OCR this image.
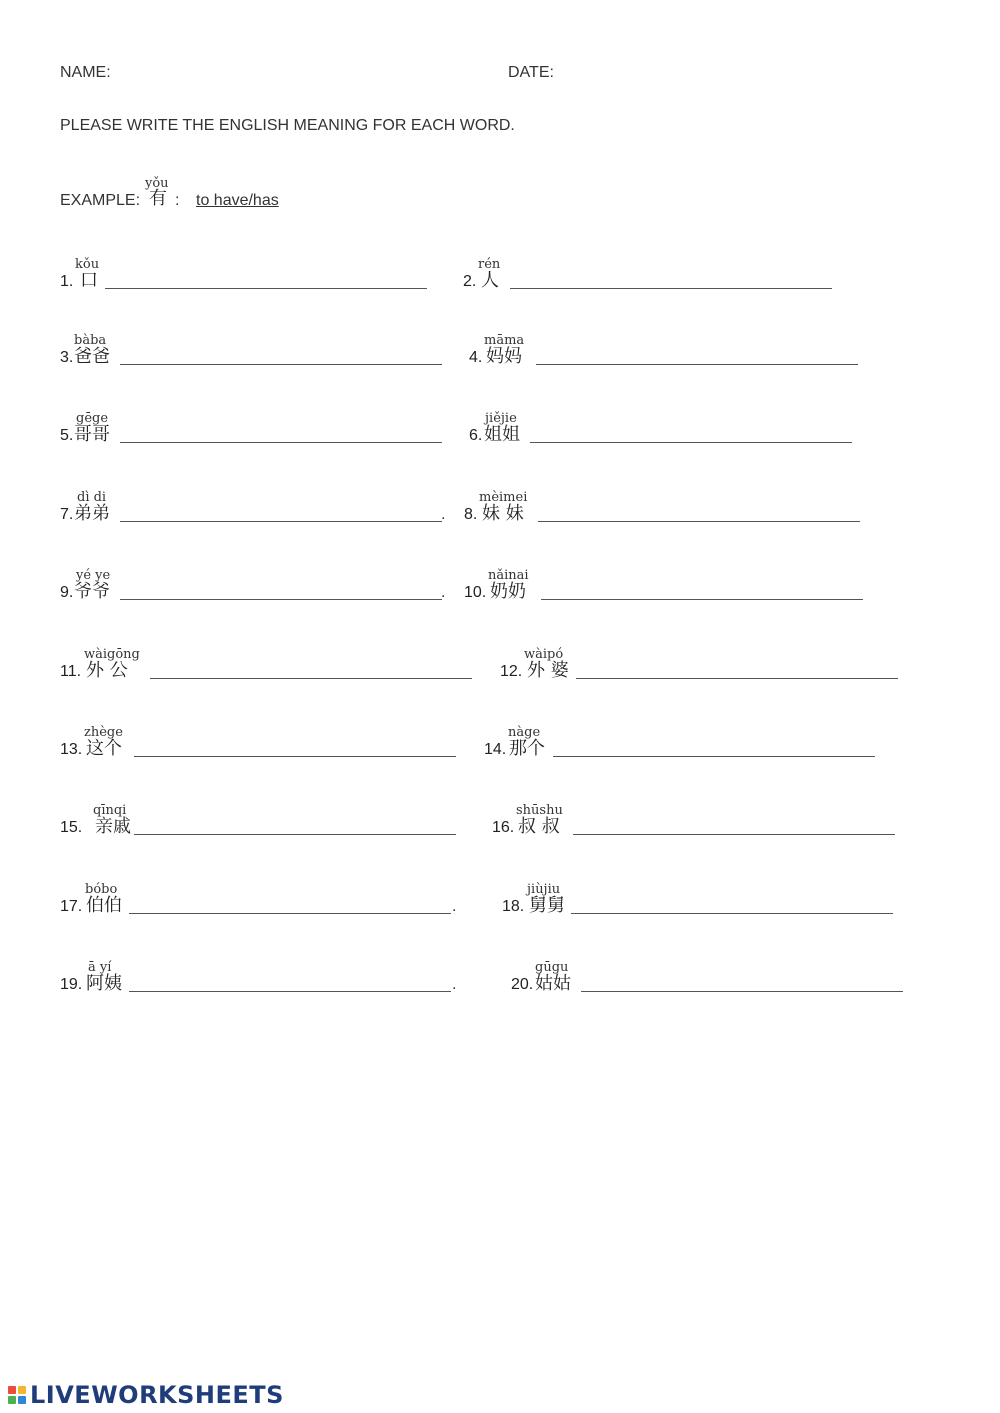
NAME:	DATE:
PLEASE WRITE THE ENGLISH MEANING FOR EACH WORD.
EXAMPLE:
yǒu
有 :	to have/has
kǒu
1. 口
rén
2. 人
bàba
3. 爸爸
māma
4. 妈妈
gēge
5. 哥哥
jiějie
6. 姐姐
dì di
7. 弟弟	.
mèimei
8. 妹 妹
yé ye
9. 爷爷	.
nǎinai
10. 奶奶
wàigōng
11. 外 公
wàipó
12. 外 婆
zhège
13. 这个
nàge
14. 那个
qīnqi
15. 亲戚
shūshu
16. 叔 叔
bóbo
17. 伯伯	.
jiùjiu
18. 舅舅
ā yí
19. 阿姨	.
gūgu
20. 姑姑
LIVEWORKSHEETS
